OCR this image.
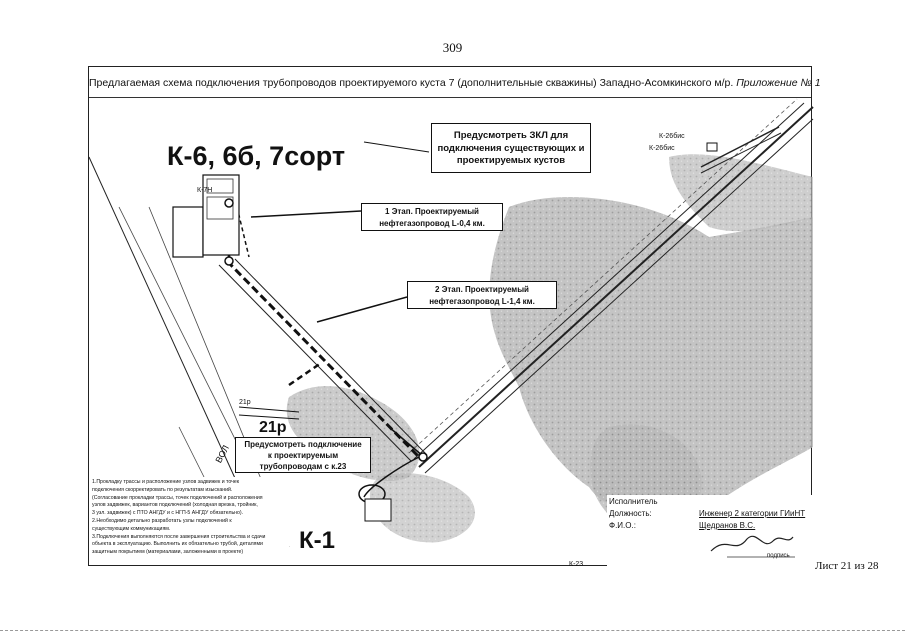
309
Предлагаемая схема подключения трубопроводов проектируемого куста 7 (дополнительные скважины) Западно-Асомкинского м/р. Приложение № 1
К-6, 6б, 7сорт
К-1
21р
К-7Н
К-26бис
К-26бис
21р
ВОЛ
К-23
Предусмотреть ЗКЛ для подключения существующих и проектируемых кустов
1 Этап. Проектируемый нефтегазопровод L-0,4 км.
2 Этап. Проектируемый нефтегазопровод L-1,4 км.
Предусмотреть подключение к проектируемым трубопроводам с к.23
1.Прокладку трассы и расположение узлов задвижек и точек
подключения скорректировать по результатам изысканий.
(Согласование прокладки трассы, точек подключений и расположения
узлов задвижек, вариантов подключений (холодная врезка, тройник,
3 узл. задвижек) с ПТО АНГДУ и с НГП-5 АНГДУ обязательно).
2.Необходимо детально разработать узлы подключений к
существующим коммуникациям.
3.Подключения выполняются после завершения строительства и сдачи
объекта в эксплуатацию. Выполнить их обязательно трубой, деталями
защитным покрытием (материалами, заложенными в проекте)
Исполнитель
Должность:	Инженер 2 категории ГИиНТ
Ф.И.О.:	Щедранов В.С.
подпись
Лист 21 из 28
